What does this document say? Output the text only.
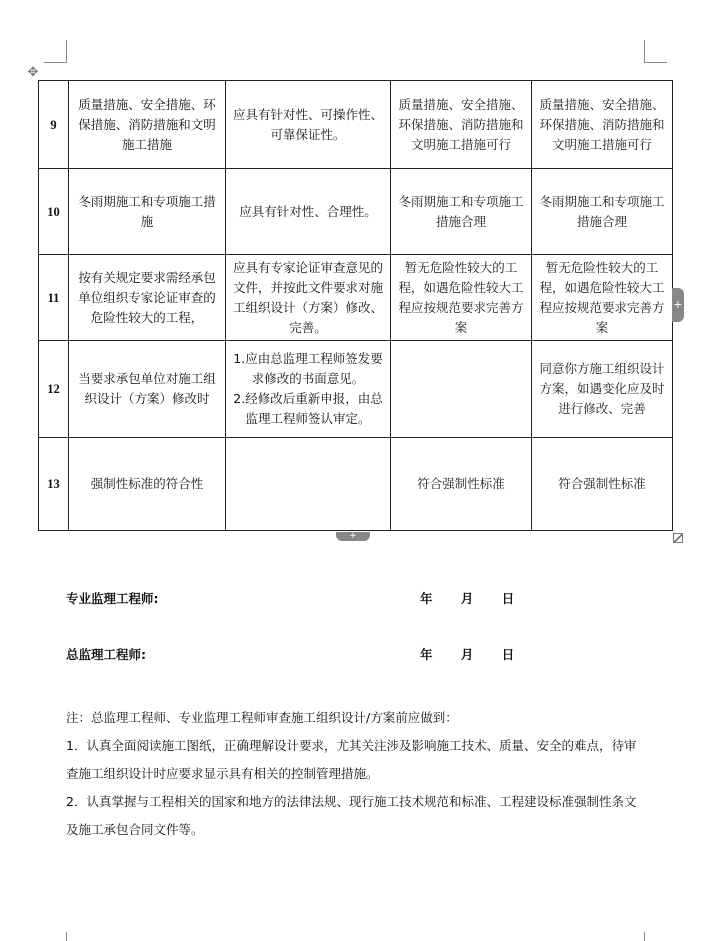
✥
9	质量措施、安全措施、环保措施、消防措施和文明施工措施	应具有针对性、可操作性、可靠保证性。	质量措施、安全措施、环保措施、消防措施和文明施工措施可行	质量措施、安全措施、环保措施、消防措施和文明施工措施可行
10	冬雨期施工和专项施工措施	应具有针对性、合理性。	冬雨期施工和专项施工措施合理	冬雨期施工和专项施工措施合理
11	按有关规定要求需经承包单位组织专家论证审查的危险性较大的工程，	应具有专家论证审查意见的文件，并按此文件要求对施工组织设计（方案）修改、完善。	暂无危险性较大的工程，如遇危险性较大工程应按规范要求完善方案	暂无危险性较大的工程，如遇危险性较大工程应按规范要求完善方案
12	当要求承包单位对施工组织设计（方案）修改时	1.应由总监理工程师签发要求修改的书面意见。
2.经修改后重新申报，由总监理工程师签认审定。		同意你方施工组织设计方案，如遇变化应及时进行修改、完善
13	强制性标准的符合性		符合强制性标准	符合强制性标准
+
+
专业监理工程师:	年 月 日
总监理工程师:	年 月 日

注：总监理工程师、专业监理工程师审查施工组织设计/方案前应做到：

1．认真全面阅读施工图纸，正确理解设计要求，尤其关注涉及影响施工技术、质量、安全的难点，待审

查施工组织设计时应要求显示具有相关的控制管理措施。

2．认真掌握与工程相关的国家和地方的法律法规、现行施工技术规范和标准、工程建设标准强制性条文

及施工承包合同文件等。
